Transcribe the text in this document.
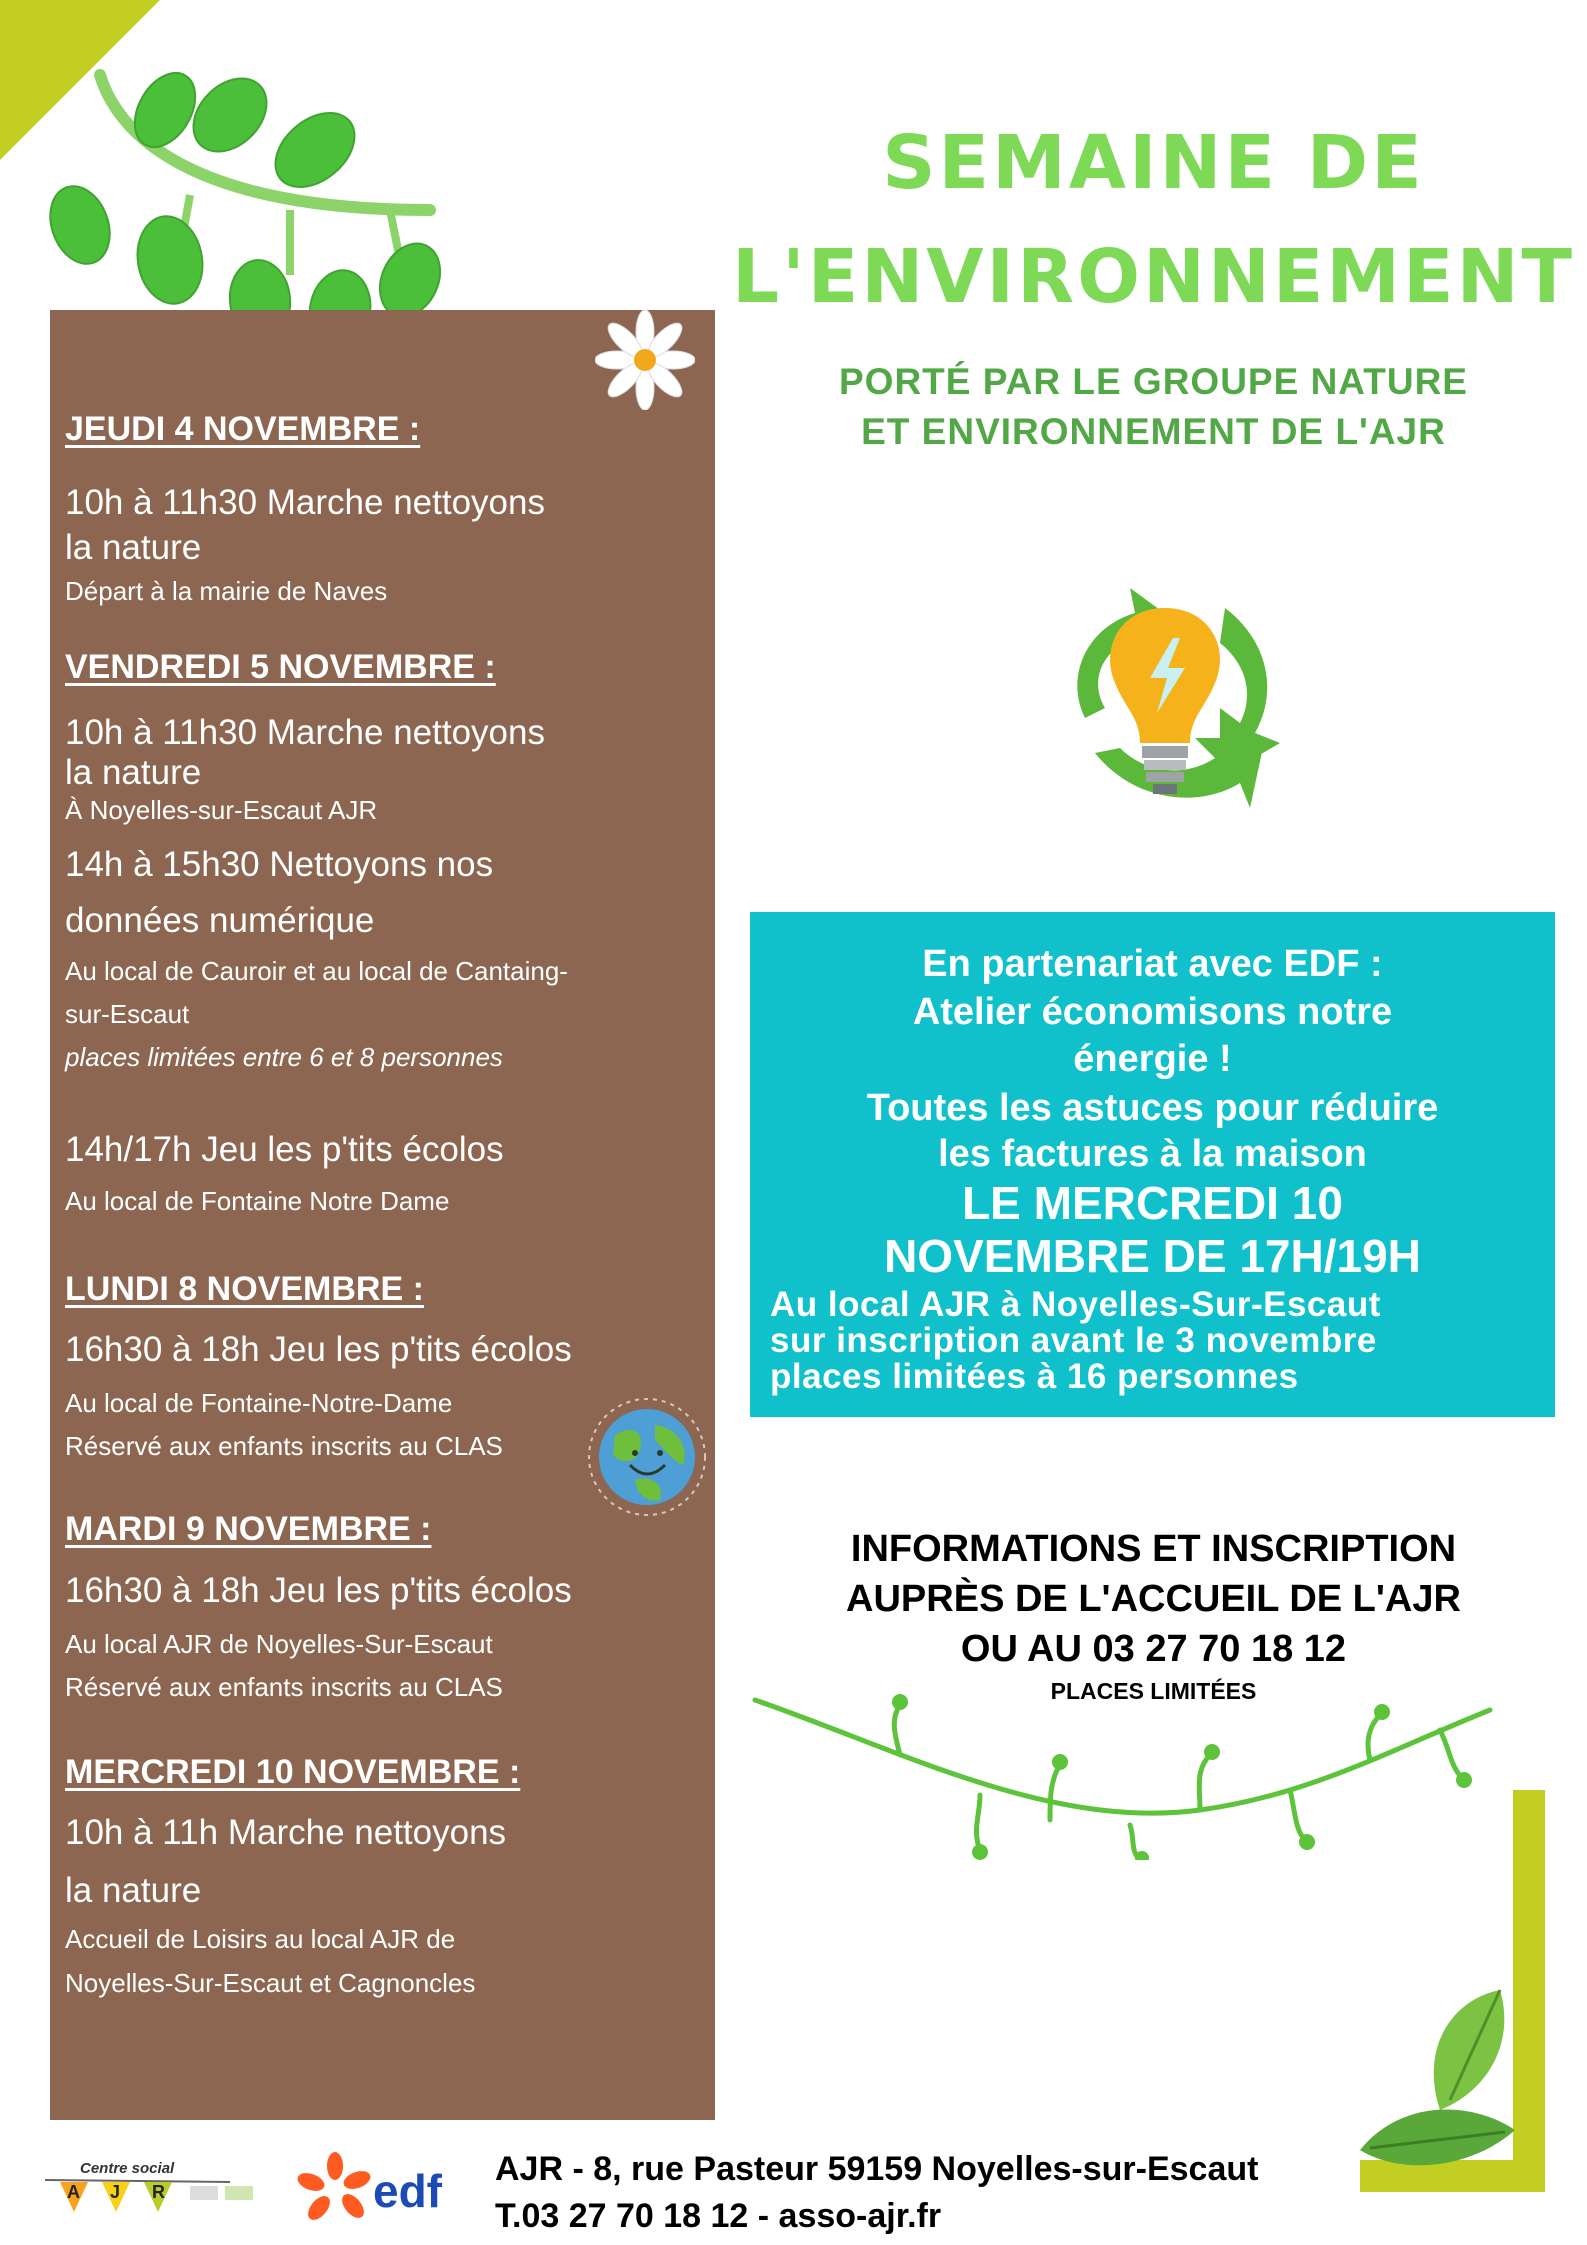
JEUDI 4 NOVEMBRE :
10h à 11h30 Marche nettoyons
la nature
Départ à la mairie de Naves
VENDREDI 5 NOVEMBRE :
10h à 11h30 Marche nettoyons
la nature
À Noyelles-sur-Escaut AJR
14h à 15h30 Nettoyons nos
données numérique
Au local de Cauroir et au local de Cantaing-
sur-Escaut
places limitées entre 6 et 8 personnes
14h/17h Jeu les p'tits écolos
Au local de Fontaine Notre Dame
LUNDI 8 NOVEMBRE :
16h30 à 18h Jeu les p'tits écolos
Au local de Fontaine-Notre-Dame
Réservé aux enfants inscrits au CLAS
MARDI 9 NOVEMBRE :
16h30 à 18h Jeu les p'tits écolos
Au local AJR de Noyelles-Sur-Escaut
Réservé aux enfants inscrits au CLAS
MERCREDI 10 NOVEMBRE :
10h à 11h Marche nettoyons
la nature
Accueil de Loisirs au local AJR de
Noyelles-Sur-Escaut et Cagnoncles
SEMAINE DE
L'ENVIRONNEMENT
PORTÉ PAR LE GROUPE NATURE
ET ENVIRONNEMENT DE L'AJR
En partenariat avec EDF :
Atelier économisons notre
énergie !
Toutes les astuces pour réduire
les factures à la maison
LE MERCREDI 10
NOVEMBRE DE 17H/19H
Au local AJR à Noyelles-Sur-Escaut
sur inscription avant le 3 novembre
places limitées à 16 personnes
INFORMATIONS ET INSCRIPTION
AUPRÈS DE L'ACCUEIL DE L'AJR
OU AU 03 27 70 18 12
PLACES LIMITÉES
Centre social
A J R	edf AJR - 8, rue Pasteur 59159 Noyelles-sur-Escaut
T.03 27 70 18 12 - asso-ajr.fr
